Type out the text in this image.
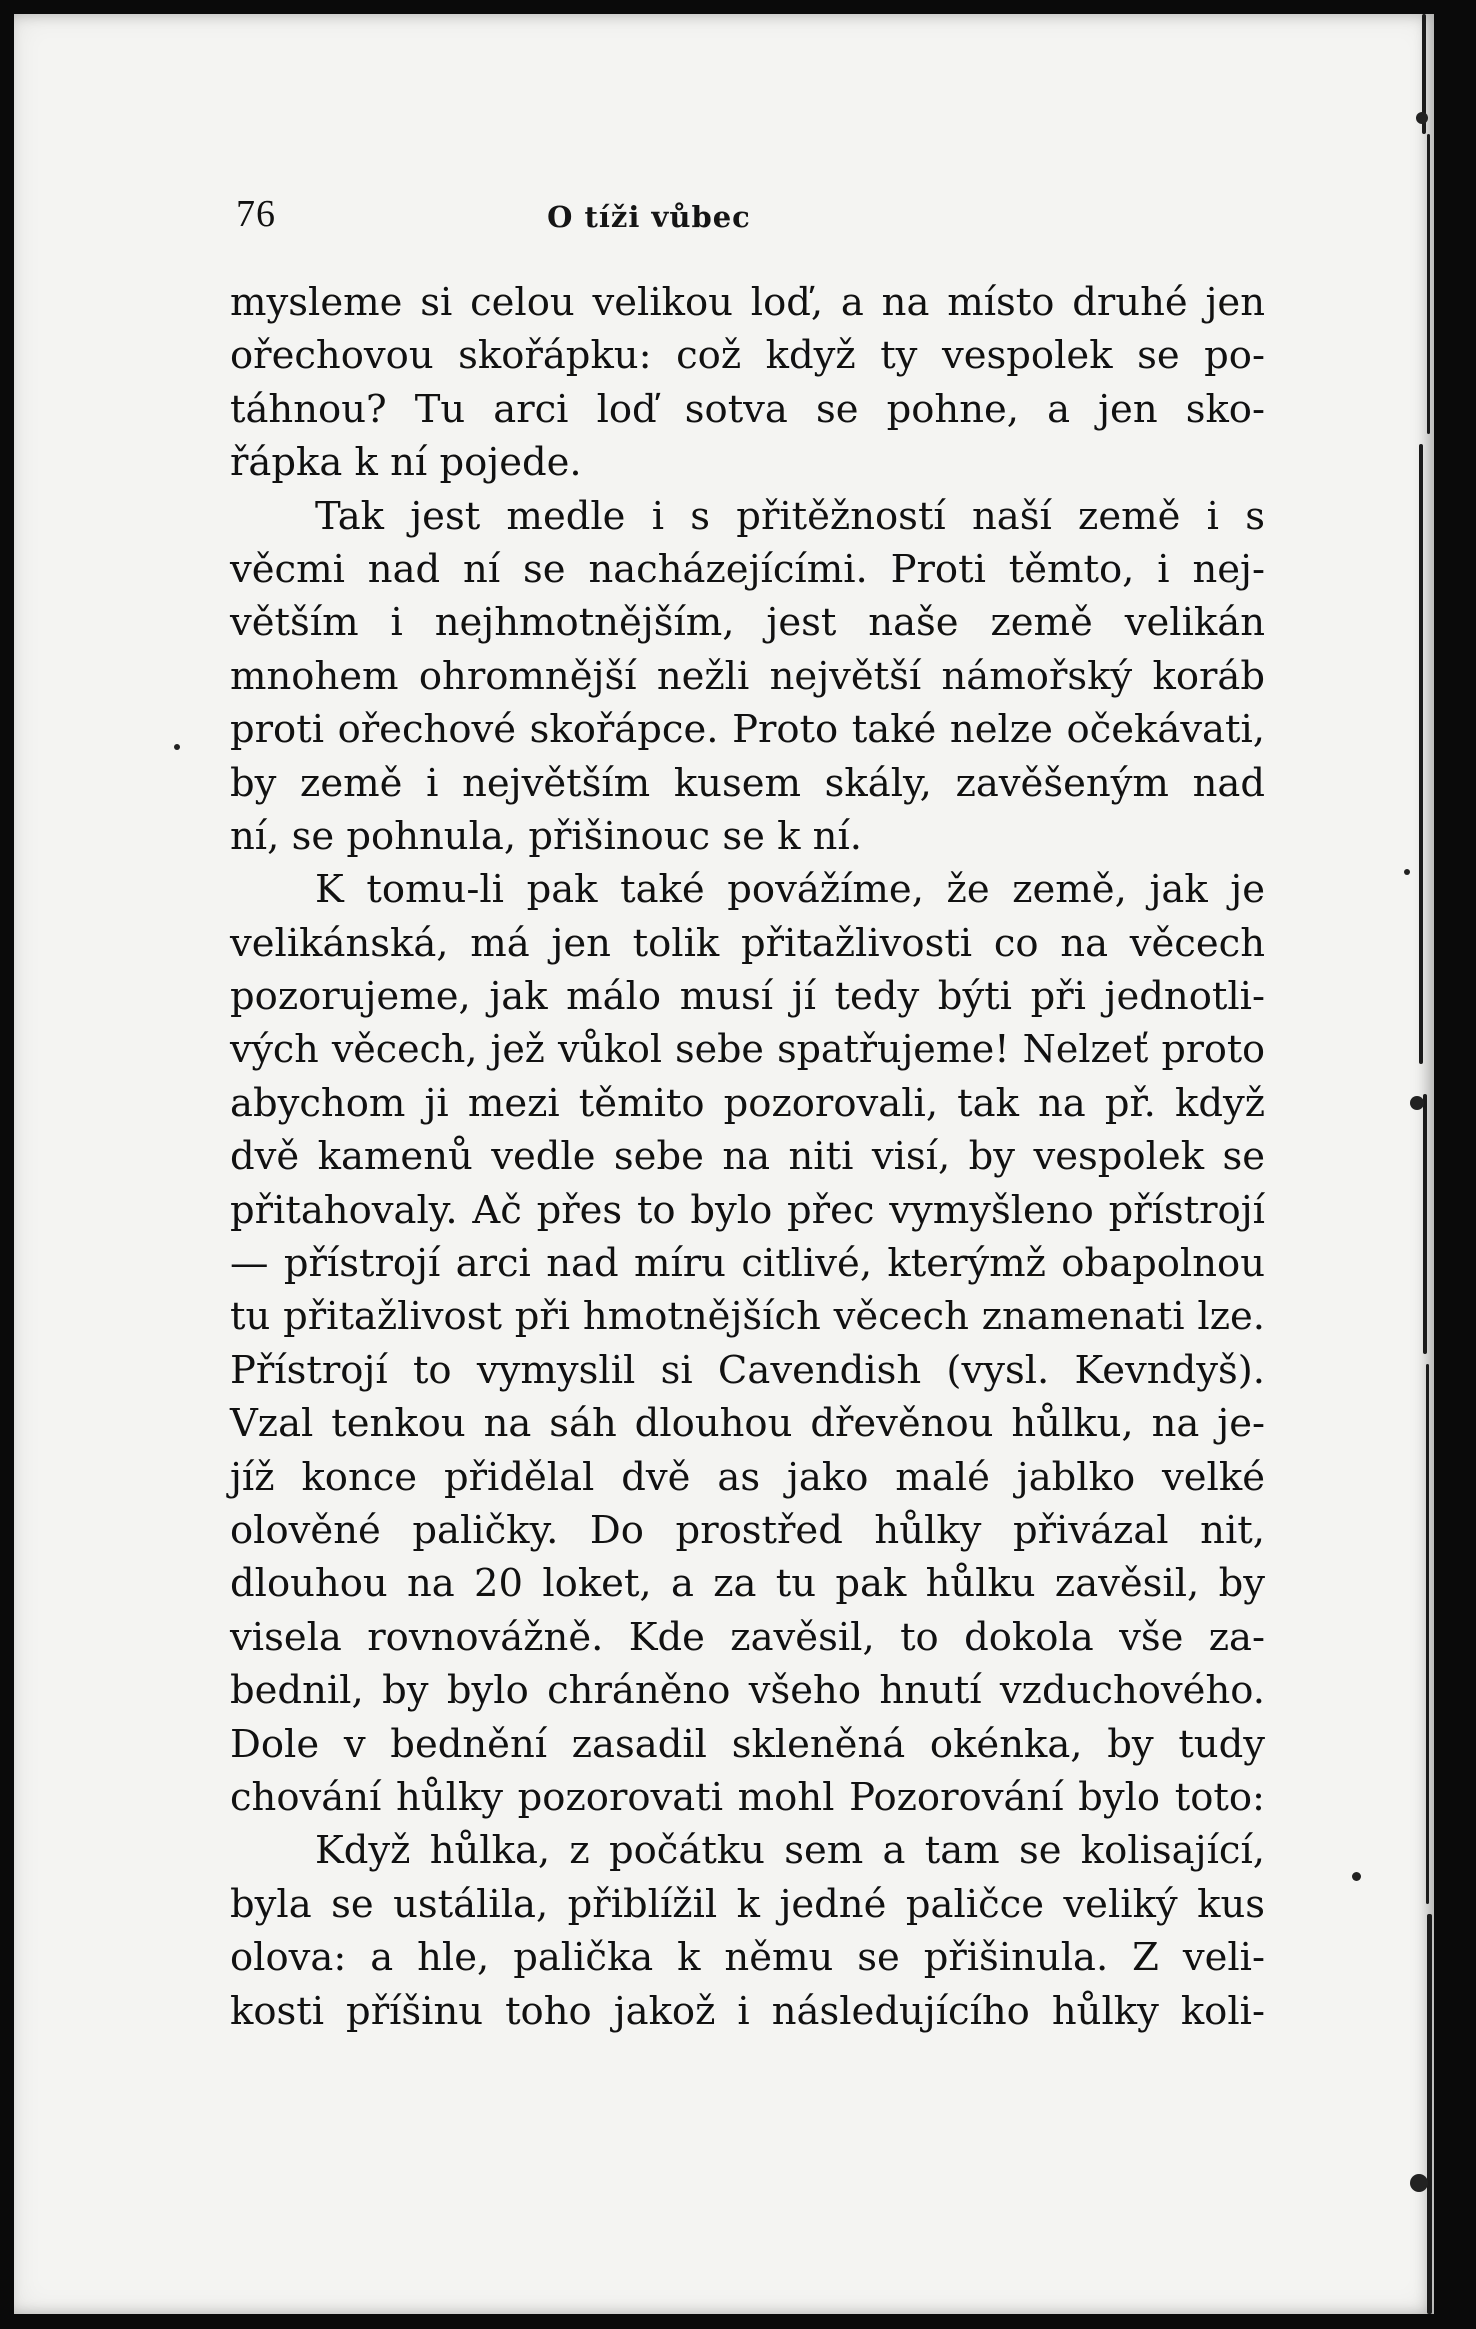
76	O tíži vůbec
mysleme si celou velikou loď, a na místo druhé jen
ořechovou skořápku: což když ty vespolek se po-
táhnou? Tu arci loď sotva se pohne, a jen sko-
řápka k ní pojede.
Tak jest medle i s přitěžností naší země i s
věcmi nad ní se nacházejícími. Proti těmto, i nej-
větším i nejhmotnějším, jest naše země velikán
mnohem ohromnější nežli největší námořský koráb
proti ořechové skořápce. Proto také nelze očekávati,
by země i největším kusem skály, zavěšeným nad
ní, se pohnula, přišinouc se k ní.
K tomu-li pak také povážíme, že země, jak je
velikánská, má jen tolik přitažlivosti co na věcech
pozorujeme, jak málo musí jí tedy býti při jednotli-
vých věcech, jež vůkol sebe spatřujeme! Nelzeť proto
abychom ji mezi těmito pozorovali, tak na př. když
dvě kamenů vedle sebe na niti visí, by vespolek se
přitahovaly. Ač přes to bylo přec vymyšleno přístrojí
— přístrojí arci nad míru citlivé, kterýmž obapolnou
tu přitažlivost při hmotnějších věcech znamenati lze.
Přístrojí to vymyslil si Cavendish (vysl. Kevndyš).
Vzal tenkou na sáh dlouhou dřevěnou hůlku, na je-
jíž konce přidělal dvě as jako malé jablko velké
olověné paličky. Do prostřed hůlky přivázal nit,
dlouhou na 20 loket, a za tu pak hůlku zavěsil, by
visela rovnovážně. Kde zavěsil, to dokola vše za-
bednil, by bylo chráněno všeho hnutí vzduchového.
Dole v bednění zasadil skleněná okénka, by tudy
chování hůlky pozorovati mohl Pozorování bylo toto:
Když hůlka, z počátku sem a tam se kolisající,
byla se ustálila, přiblížil k jedné paličce veliký kus
olova: a hle, palička k němu se přišinula. Z veli-
kosti příšinu toho jakož i následujícího hůlky koli-
